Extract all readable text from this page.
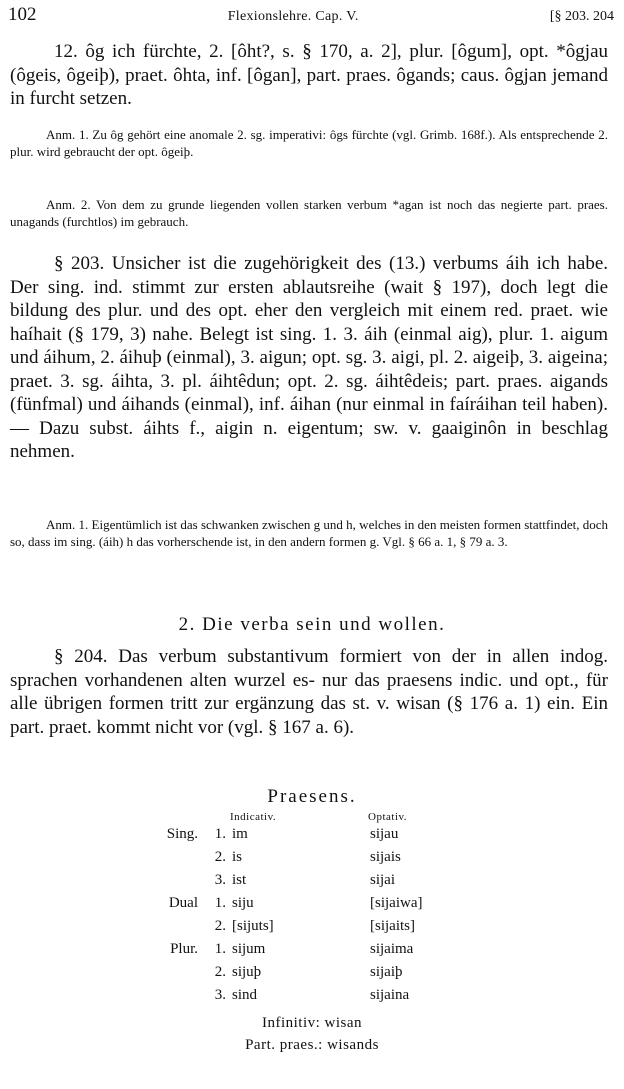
102	Flexionslehre. Cap. V.	[§ 203. 204
12. ôg ich fürchte, 2. [ôht?, s. § 170, a. 2], plur. [ôgum], opt. *ôgjau (ôgeis, ôgeiþ), praet. ôhta, inf. [ôgan], part. praes. ôgands; caus. ôgjan jemand in furcht setzen.
Anm. 1. Zu ôg gehört eine anomale 2. sg. imperativi: ôgs fürchte (vgl. Grimb. 168f.). Als entsprechende 2. plur. wird gebraucht der opt. ôgeiþ.
Anm. 2. Von dem zu grunde liegenden vollen starken verbum *agan ist noch das negierte part. praes. unagands (furchtlos) im gebrauch.
§ 203. Unsicher ist die zugehörigkeit des (13.) verbums áih ich habe. Der sing. ind. stimmt zur ersten ablautsreihe (wait § 197), doch legt die bildung des plur. und des opt. eher den vergleich mit einem red. praet. wie haíhait (§ 179, 3) nahe. Belegt ist sing. 1. 3. áih (einmal aig), plur. 1. aigum und áihum, 2. áihuþ (einmal), 3. aigun; opt. sg. 3. aigi, pl. 2. aigeiþ, 3. aigeina; praet. 3. sg. áihta, 3. pl. áihtêdun; opt. 2. sg. áihtêdeis; part. praes. aigands (fünfmal) und áihands (einmal), inf. áihan (nur einmal in faíráihan teil haben). — Dazu subst. áihts f., aigin n. eigentum; sw. v. gaaiginôn in beschlag nehmen.
Anm. 1. Eigentümlich ist das schwanken zwischen g und h, welches in den meisten formen stattfindet, doch so, dass im sing. (áih) h das vorherschende ist, in den andern formen g. Vgl. § 66 a. 1, § 79 a. 3.
2. Die verba sein und wollen.
§ 204. Das verbum substantivum formiert von der in allen indog. sprachen vorhandenen alten wurzel es- nur das praesens indic. und opt., für alle übrigen formen tritt zur ergänzung das st. v. wisan (§ 176 a. 1) ein. Ein part. praet. kommt nicht vor (vgl. § 167 a. 6).
Praesens.
Indicativ.	Optativ.
Sing.	1.	im	sijau
	2.	is	sijais
	3.	ist	sijai
Dual	1.	siju	[sijaiwa]
	2.	[sijuts]	[sijaits]
Plur.	1.	sijum	sijaima
	2.	sijuþ	sijaiþ
	3.	sind	sijaina
Infinitiv: wisan
Part. praes.: wisands
